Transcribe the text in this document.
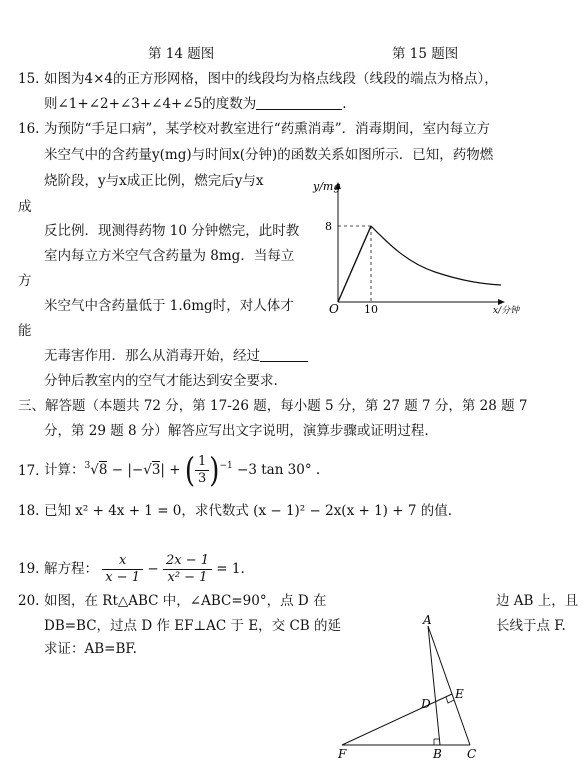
第 14 题图	第 15 题图
15. 如图为4×4的正方形网格，图中的线段均为格点线段（线段的端点为格点），
则∠1+∠2+∠3+∠4+∠5的度数为	.
16. 为预防“手足口病”，某学校对教室进行“药熏消毒”．消毒期间，室内每立方
米空气中的含药量y(mg)与时间x(分钟)的函数关系如图所示．已知，药物燃
烧阶段，y与x成正比例，燃完后y与x
成
反比例．现测得药物 10 分钟燃完，此时教
室内每立方米空气含药量为 8mg．当每立
方
米空气中含药量低于 1.6mg时，对人体才
能
无毒害作用．那么从消毒开始，经过
分钟后教室内的空气才能达到安全要求.
y/mg
8
O 10	x/分钟
三、解答题（本题共 72 分，第 17-26 题，每小题 5 分，第 27 题 7 分，第 28 题 7
分，第 29 题 8 分）解答应写出文字说明，演算步骤或证明过程.
17. 计算：$^3$√8 − |−√3| + ( $\frac{1}{3} )^{-1} -3$ tan 30° .
18. 已知 x² + 4x + 1 = 0，求代数式 (x − 1)² − 2x(x + 1) + 7 的值.
19. 解方程： $\frac{x}{x - 1} - \frac{2x - 1}{\text{x² − 1}} = 1$.
20. 如图，在 Rt△ABC 中，∠ABC=90°，点 D 在	边 AB 上，且
DB=BC，过点 D 作 EF⊥AC 于 E，交 CB 的延	长线于点 F.
求证：AB=BF.
A
D
E
F	B C
